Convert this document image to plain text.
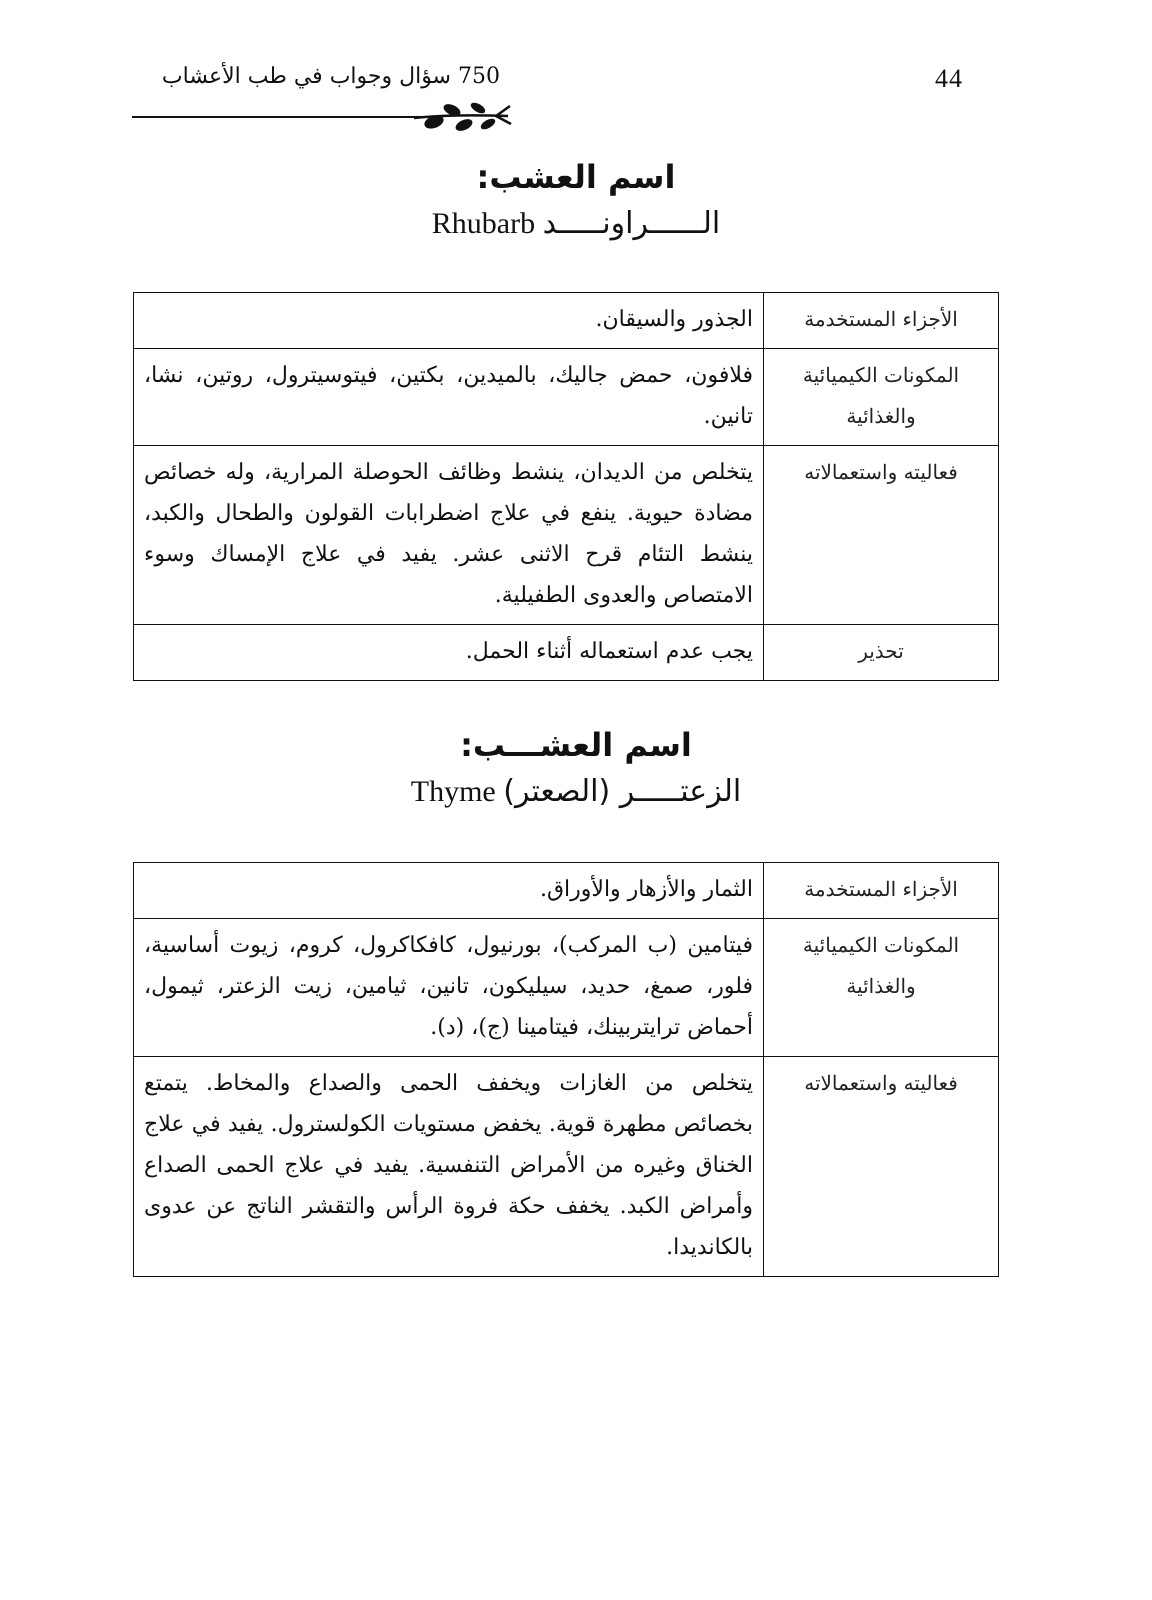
44
750 سؤال وجواب في طب الأعشاب
اسم العشب:
Rhubarb الــــــراونـــــد
الأجزاء المستخدمة	الجذور والسيقان.
المكونات الكيميائية والغذائية	فلافون، حمض جاليك، بالميدين، بكتين، فيتوسيترول، روتين، نشا، تانين.
فعاليته واستعمالاته	يتخلص من الديدان، ينشط وظائف الحوصلة المرارية، وله خصائص مضادة حيوية. ينفع في علاج اضطرابات القولون والطحال والكبد، ينشط التئام قرح الاثنى عشر. يفيد في علاج الإمساك وسوء الامتصاص والعدوى الطفيلية.
تحذير	يجب عدم استعماله أثناء الحمل.
اسم العشـــب:
Thyme الزعتـــــر (الصعتر)
الأجزاء المستخدمة	الثمار والأزهار والأوراق.
المكونات الكيميائية والغذائية	فيتامين (ب المركب)، بورنيول، كافكاكرول، كروم، زيوت أساسية، فلور، صمغ، حديد، سيليكون، تانين، ثيامين، زيت الزعتر، ثيمول، أحماض ترايتربينك، فيتامينا (ج)، (د).
فعاليته واستعمالاته	يتخلص من الغازات ويخفف الحمى والصداع والمخاط. يتمتع بخصائص مطهرة قوية. يخفض مستويات الكولسترول. يفيد في علاج الخناق وغيره من الأمراض التنفسية. يفيد في علاج الحمى الصداع وأمراض الكبد. يخفف حكة فروة الرأس والتقشر الناتج عن عدوى بالكانديدا.
